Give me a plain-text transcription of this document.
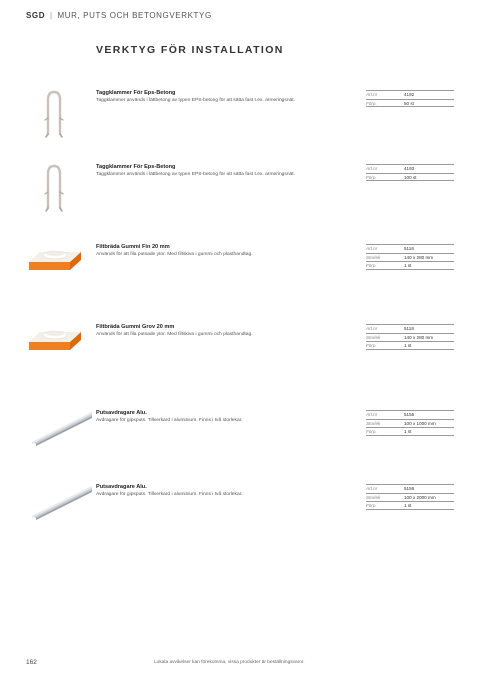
SGD | MUR, PUTS OCH BETONGVERKTYG
VERKTYG FÖR INSTALLATION
Taggklammer För Eps-Betong
Taggklammer används i lättbetong av typen EPS-betong för att sätta fast t.ex. armeringsnät.
Art.nr	4192
Förp.	50 st
Taggklammer För Eps-Betong
Taggklammer används i lättbetong av typen EPS-betong för att sätta fast t.ex. armeringsnät.
Art.nr	4193
Förp.	100 st
Filtbräda Gummi Fin 20 mm
Används för att fila putsade ytor. Med filtskiva i gummi och plasthandtag.
Art.nr	5116
Storlek	140 x 280 mm
Förp.	1 st
Filtbräda Gummi Grov 20 mm
Används för att fila putsade ytor. Med filtskiva i gummi och plasthandtag.
Art.nr	5118
Storlek	140 x 280 mm
Förp.	1 st
Putsavdragare Alu.
Avdragare för gipsputs. Tillverkard i aluminium. Finns i två storlekar.
Art.nr	5155
Storlek	100 x 1000 mm
Förp.	1 st
Putsavdragare Alu.
Avdragare för gipsputs. Tillverkard i aluminium. Finns i två storlekar.
Art.nr	5156
Storlek	100 x 2000 mm
Förp.	1 st
162	Lokala avvikelser kan förekomma, vissa produkter är beställningsvaror.
